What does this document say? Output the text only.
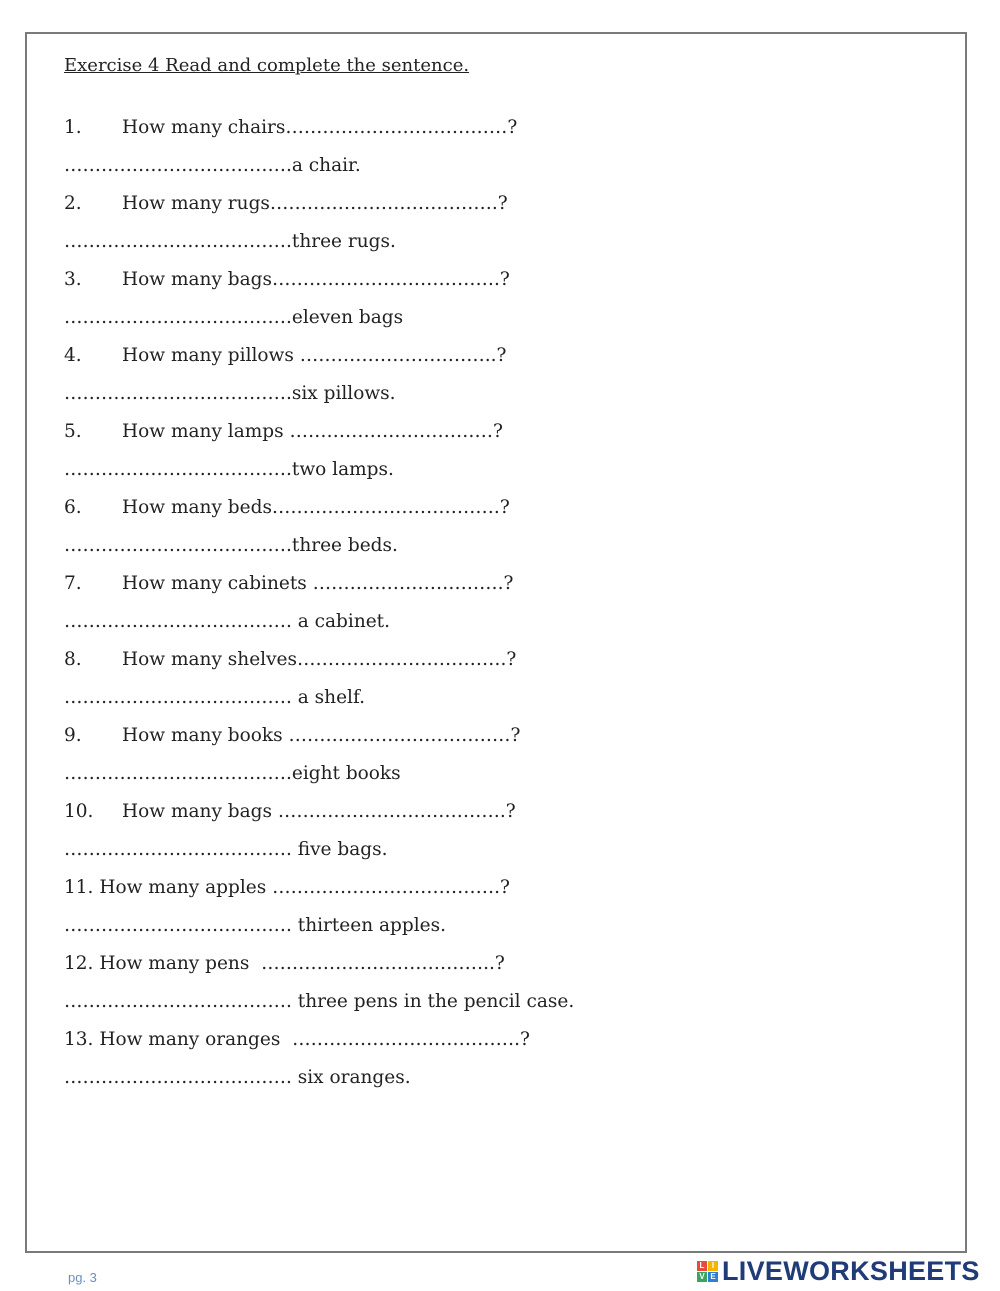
Exercise 4 Read and complete the sentence.
1. How many chairs………………………………?
……………………………….a chair.
2. How many rugs……………………………….?
……………………………….three rugs.
3. How many bags……………………………….?
……………………………….eleven bags
4. How many pillows …………………………..?
……………………………….six pillows.
5. How many lamps ……………………………?
……………………………….two lamps.
6. How many beds……………………………….?
……………………………….three beds.
7. How many cabinets ………………………….?
………………………………. a cabinet.
8. How many shelves…………………………….?
………………………………. a shelf.
9. How many books ………………………………?
……………………………….eight books
10. How many bags ……………………………….?
………………………………. five bags.
11. How many apples ……………………………….?
………………………………. thirteen apples.
12. How many pens  ………………………………..?
………………………………. three pens in the pencil case.
13. How many oranges  ……………………………….?
………………………………. six oranges.
pg. 3
L I
V E LIVEWORKSHEETS
